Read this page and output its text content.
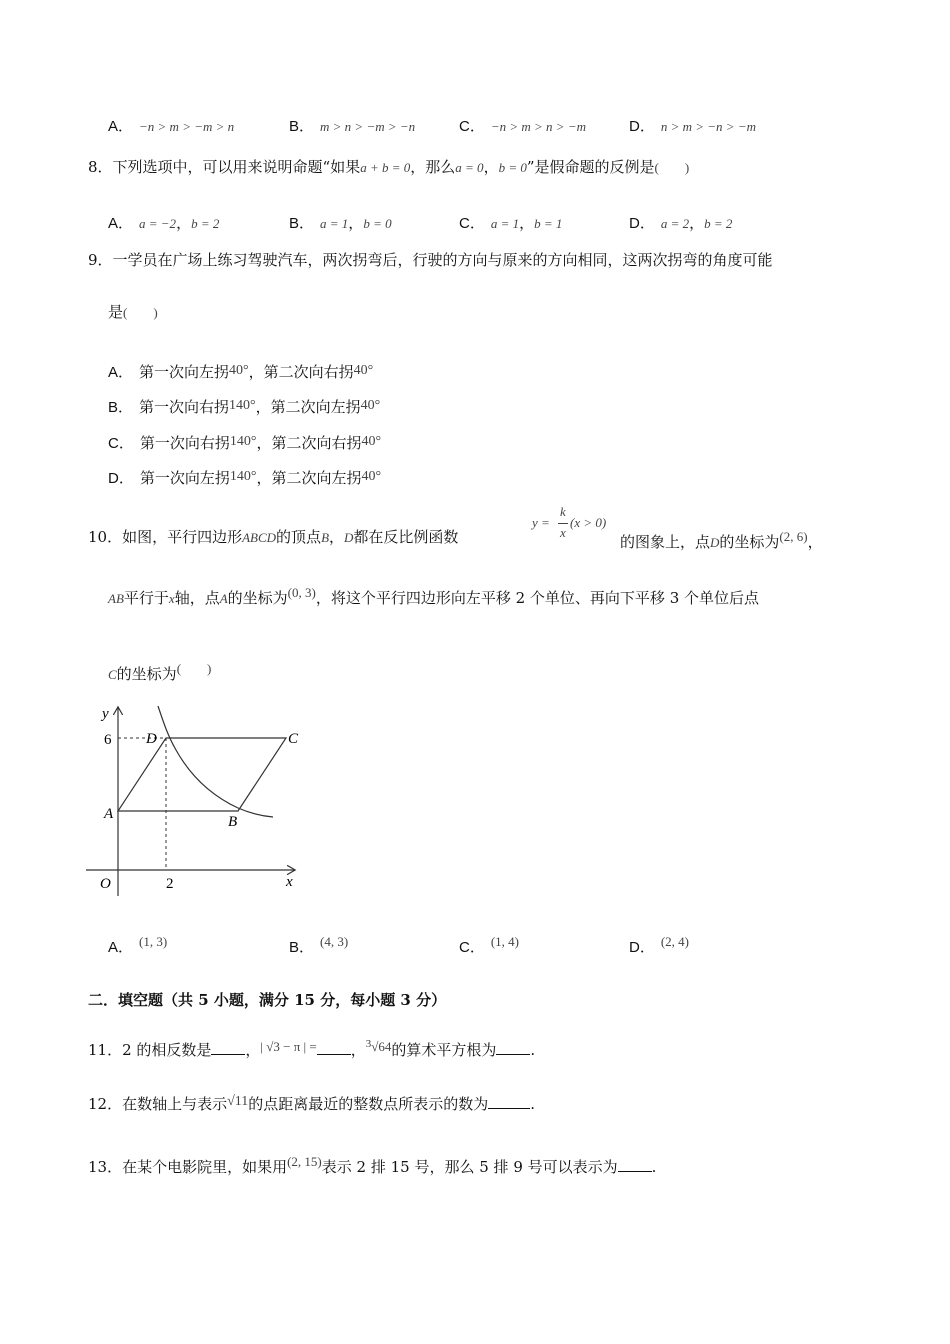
A． −n > m > −m > n	B． m > n > −m > −n	C． −n > m > n > −m	D． n > m > −n > −m
8．下列选项中，可以用来说明命题“如果a + b = 0，那么a = 0，b = 0”是假命题的反例是(　　)
A． a = −2，b = 2	B． a = 1，b = 0	C． a = 1，b = 1	D． a = 2，b = 2
9．一学员在广场上练习驾驶汽车，两次拐弯后，行驶的方向与原来的方向相同，这两次拐弯的角度可能
是(　　)
A． 第一次向左拐40°，第二次向右拐40°
B． 第一次向右拐140°，第二次向左拐40°
C． 第一次向右拐140°，第二次向右拐40°
D． 第一次向左拐140°，第二次向左拐40°
10．如图，平行四边形ABCD的顶点B，D都在反比例函数
y =
k
x
(x > 0)
的图象上，点D的坐标为(2, 6)，
AB平行于x轴，点A的坐标为(0, 3)，将这个平行四边形向左平移 2 个单位、再向下平移 3 个单位后点
C的坐标为(　　)
y
x
O
6
2
A	B
C
D
A． (1, 3)	B． (4, 3)	C． (1, 4)	D． (2, 4)
二．填空题（共 5 小题，满分 15 分，每小题 3 分）
11．2 的相反数是 ，| √3 − π | = ，$^3$√64的算术平方根为 .
12．在数轴上与表示√11的点距离最近的整数点所表示的数为	.
13．在某个电影院里，如果用(2, 15)表示 2 排 15 号，那么 5 排 9 号可以表示为 .
